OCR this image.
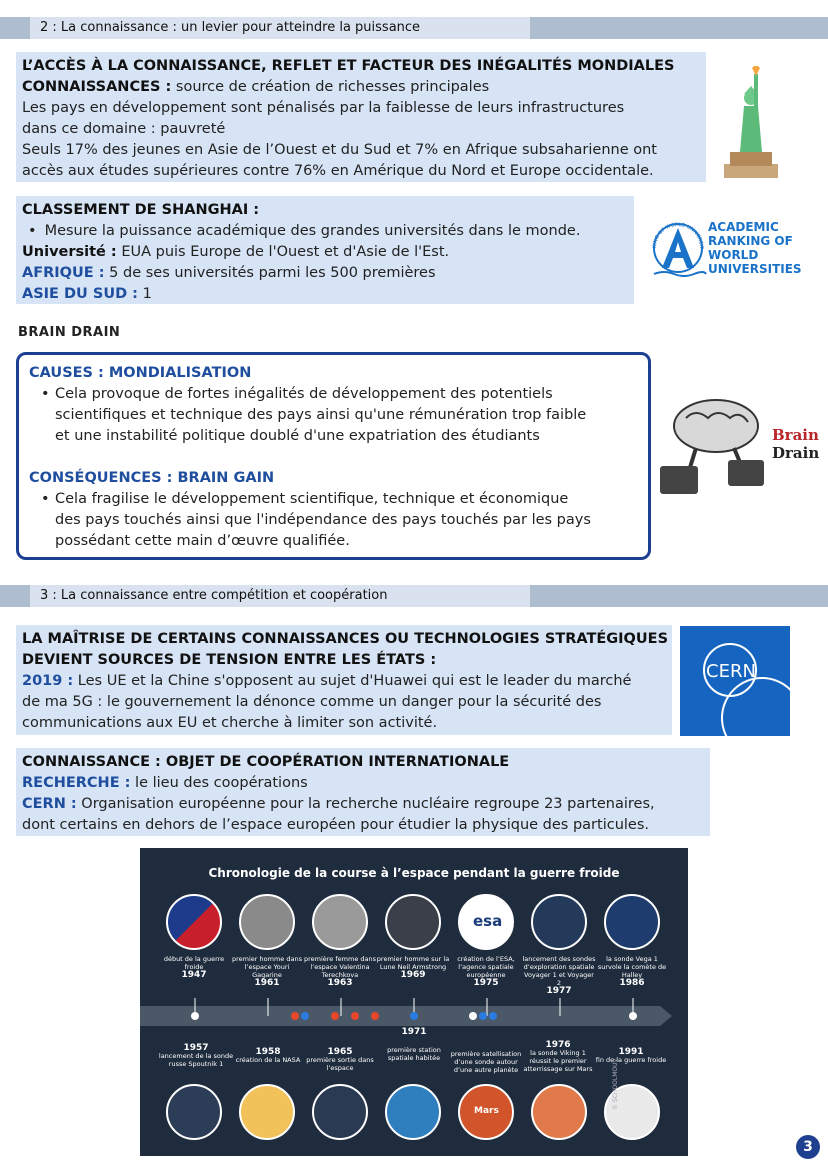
2 : La connaissance : un levier pour atteindre la puissance
L’ACCÈS À LA CONNAISSANCE, REFLET ET FACTEUR DES INÉGALITÉS MONDIALES
CONNAISSANCES : source de création de richesses principales
Les pays en développement sont pénalisés par la faiblesse de leurs infrastructures
dans ce domaine : pauvreté
Seuls 17% des jeunes en Asie de l’Ouest et du Sud et 7% en Afrique subsaharienne ont
accès aux études supérieures contre 76% en Amérique du Nord et Europe occidentale.
CLASSEMENT DE SHANGHAI :
• Mesure la puissance académique des grandes universités dans le monde.
Université : EUA puis Europe de l'Ouest et d'Asie de l'Est.
AFRIQUE : 5 de ses universités parmi les 500 premières
ASIE DU SUD : 1
KING OF WORLD UNIVERSIT
ACADEMIC
RANKING OF
WORLD
UNIVERSITIES
BRAIN DRAIN
CAUSES : MONDIALISATION
• Cela provoque de fortes inégalités de développement des potentiels
scientifiques et technique des pays ainsi qu'une rémunération trop faible
et une instabilité politique doublé d'une expatriation des étudiants
CONSÉQUENCES : BRAIN GAIN
• Cela fragilise le développement scientifique, technique et économique
des pays touchés ainsi que l'indépendance des pays touchés par les pays
possédant cette main d’œuvre qualifiée.
Brain
Drain
3 : La connaissance entre compétition et coopération
LA MAÎTRISE DE CERTAINS CONNAISSANCES OU TECHNOLOGIES STRATÉGIQUES
DEVIENT SOURCES DE TENSION ENTRE LES ÉTATS :
2019 : Les UE et la Chine s'opposent au sujet d'Huawei qui est le leader du marché
de ma 5G : le gouvernement la dénonce comme un danger pour la sécurité des
communications aux EU et cherche à limiter son activité.
CERN
CONNAISSANCE : OBJET DE COOPÉRATION INTERNATIONALE
RECHERCHE : le lieu des coopérations
CERN : Organisation européenne pour la recherche nucléaire regroupe 23 partenaires,
dont certains en dehors de l’espace européen pour étudier la physique des particules.
Chronologie de la course à l’espace pendant la guerre froide
esa
début de la guerre froide
1947
premier homme dans l’espace Youri Gagarine
1961
première femme dans l’espace Valentina Terechkova
1963
premier homme sur la Lune Neil Armstrong
1969
création de l’ESA, l’agence spatiale européenne
1975
lancement des sondes d’exploration spatiale Voyager 1 et Voyager 2
1977
la sonde Vega 1 survole la comète de Halley
1986
1957
lancement de la sonde russe Spoutnik 1
1958
création de la NASA
1965
première sortie dans l’espace
1971
première station spatiale habitée	première satellisation d’une sonde autour d’une autre planète
1976
la sonde Viking 1 réussit le premier atterrissage sur Mars
1991
fin de la guerre froide
Mars
© SCHOOLMOUV
3
